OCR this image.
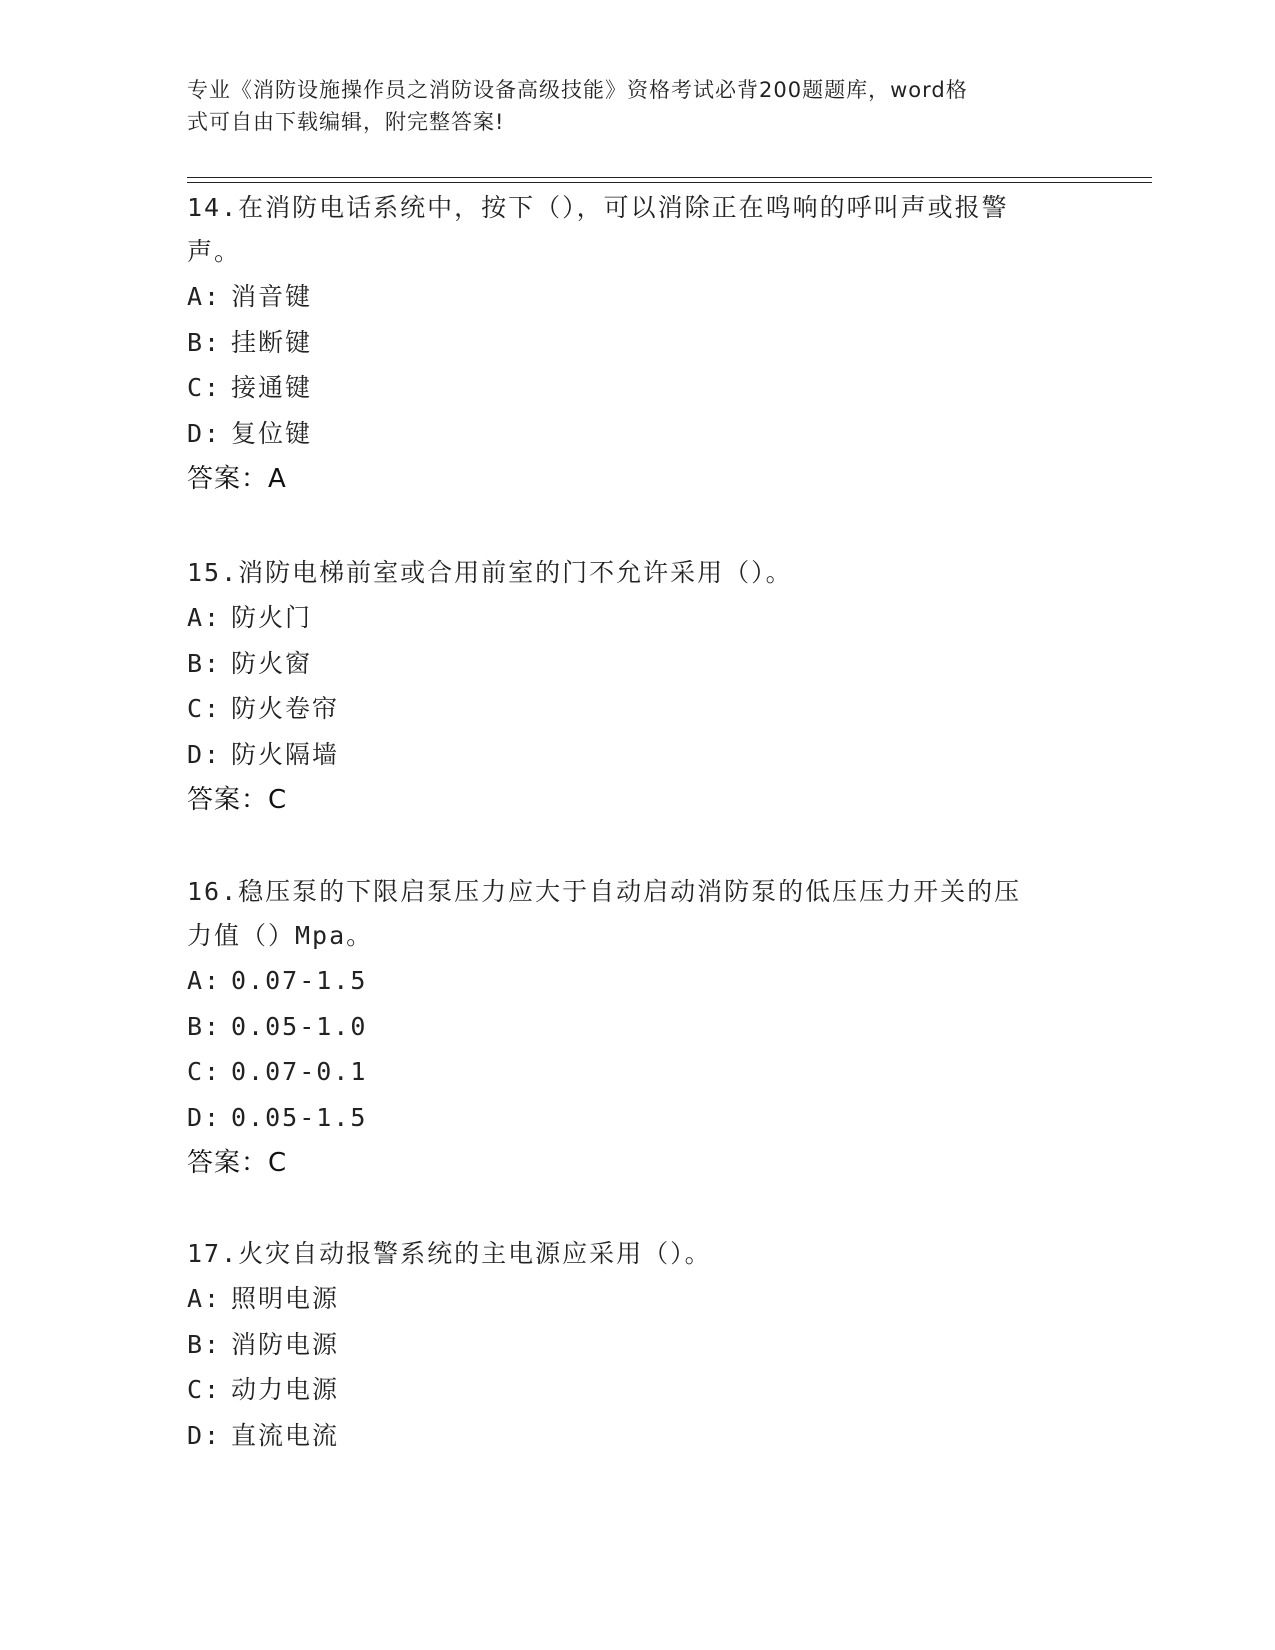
专业《消防设施操作员之消防设备高级技能》资格考试必背200题题库，word格
式可自由下载编辑，附完整答案!
14.在消防电话系统中，按下（），可以消除正在鸣响的呼叫声或报警
声。
A: 消音键
B: 挂断键
C: 接通键
D: 复位键
答案：A
15.消防电梯前室或合用前室的门不允许采用（）。
A: 防火门
B: 防火窗
C: 防火卷帘
D: 防火隔墙
答案：C
16.稳压泵的下限启泵压力应大于自动启动消防泵的低压压力开关的压
力值（）Mpa。
A: 0.07-1.5
B: 0.05-1.0
C: 0.07-0.1
D: 0.05-1.5
答案：C
17.火灾自动报警系统的主电源应采用（）。
A: 照明电源
B: 消防电源
C: 动力电源
D: 直流电流
